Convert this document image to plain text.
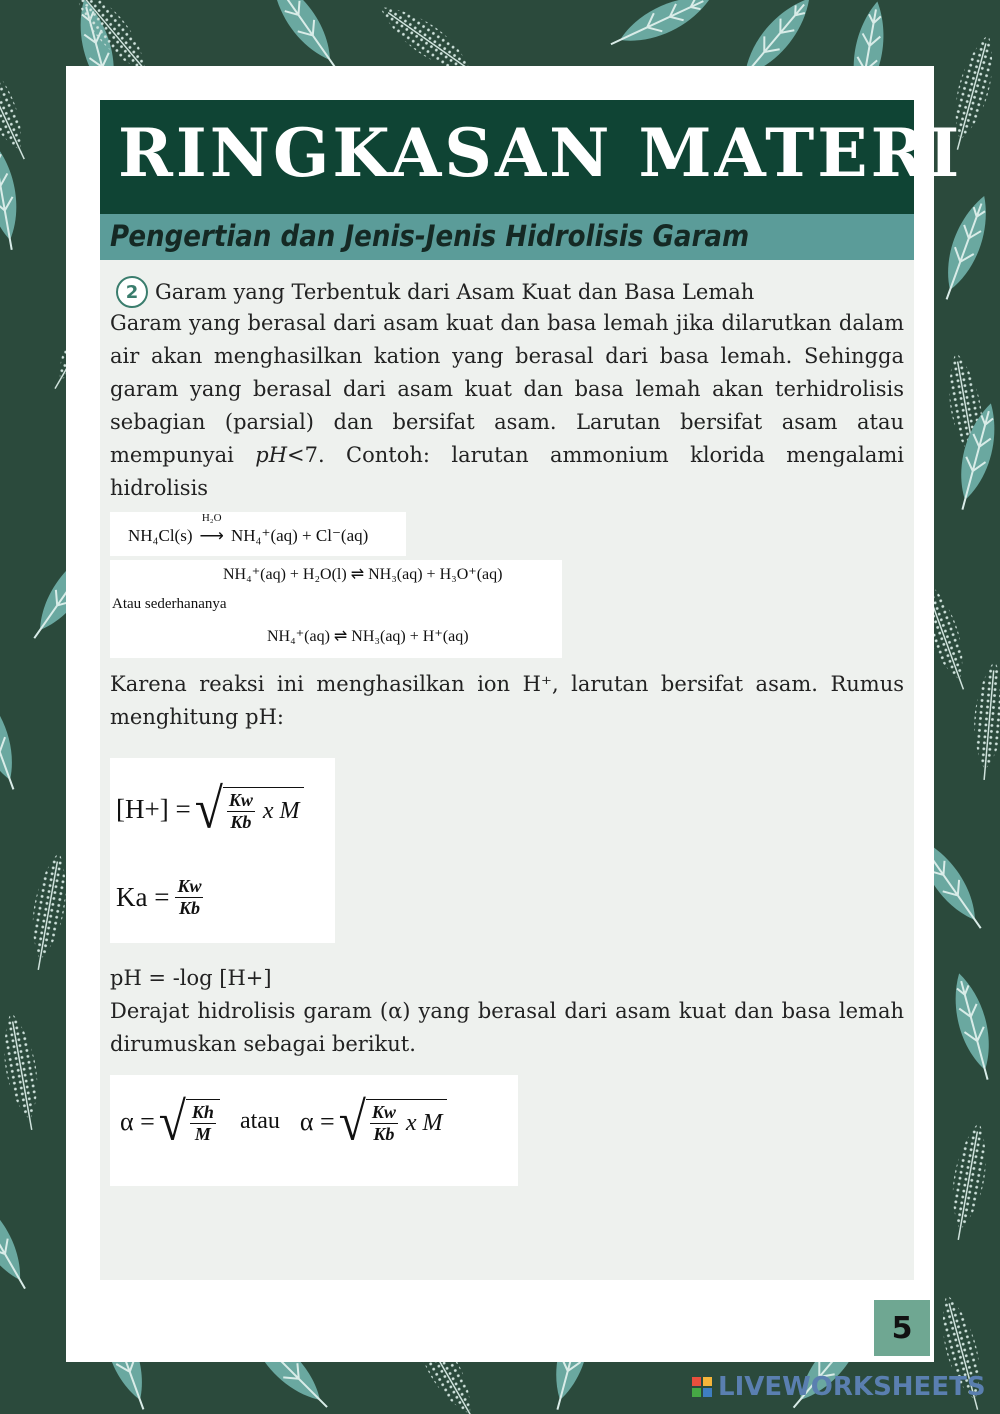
RINGKASAN MATERI
Pengertian dan Jenis-Jenis Hidrolisis Garam
2 Garam yang Terbentuk dari Asam Kuat dan Basa Lemah

Garam yang berasal dari asam kuat dan basa lemah jika dilarutkan dalam air akan menghasilkan kation yang berasal dari basa lemah. Sehingga garam yang berasal dari asam kuat dan basa lemah akan terhidrolisis sebagian (parsial) dan bersifat asam. Larutan bersifat asam atau mempunyai pH<7. Contoh: larutan ammonium klorida mengalami hidrolisis

NH₄Cl(s)
H₂O
⟶ NH₄⁺(aq) + Cl⁻(aq)
NH₄⁺(aq) + H₂O(l) ⇌ NH₃(aq) + H₃O⁺(aq)
Atau sederhananya
NH₄⁺(aq) ⇌ NH₃(aq) + H⁺(aq)

Karena reaksi ini menghasilkan ion H⁺, larutan bersifat asam. Rumus menghitung pH:

[H+] = √ $\frac{Kw}{Kb}$ x M
$Ka = \frac{Kw}{Kb}$

pH = -log [H+]

Derajat hidrolisis garam (α) yang berasal dari asam kuat dan basa lemah dirumuskan sebagai berikut.

α = √ $\frac{Kh}{M}$ atau α = √ $\frac{Kw}{Kb}$ x M
5
LIVEWORKSHEETS
